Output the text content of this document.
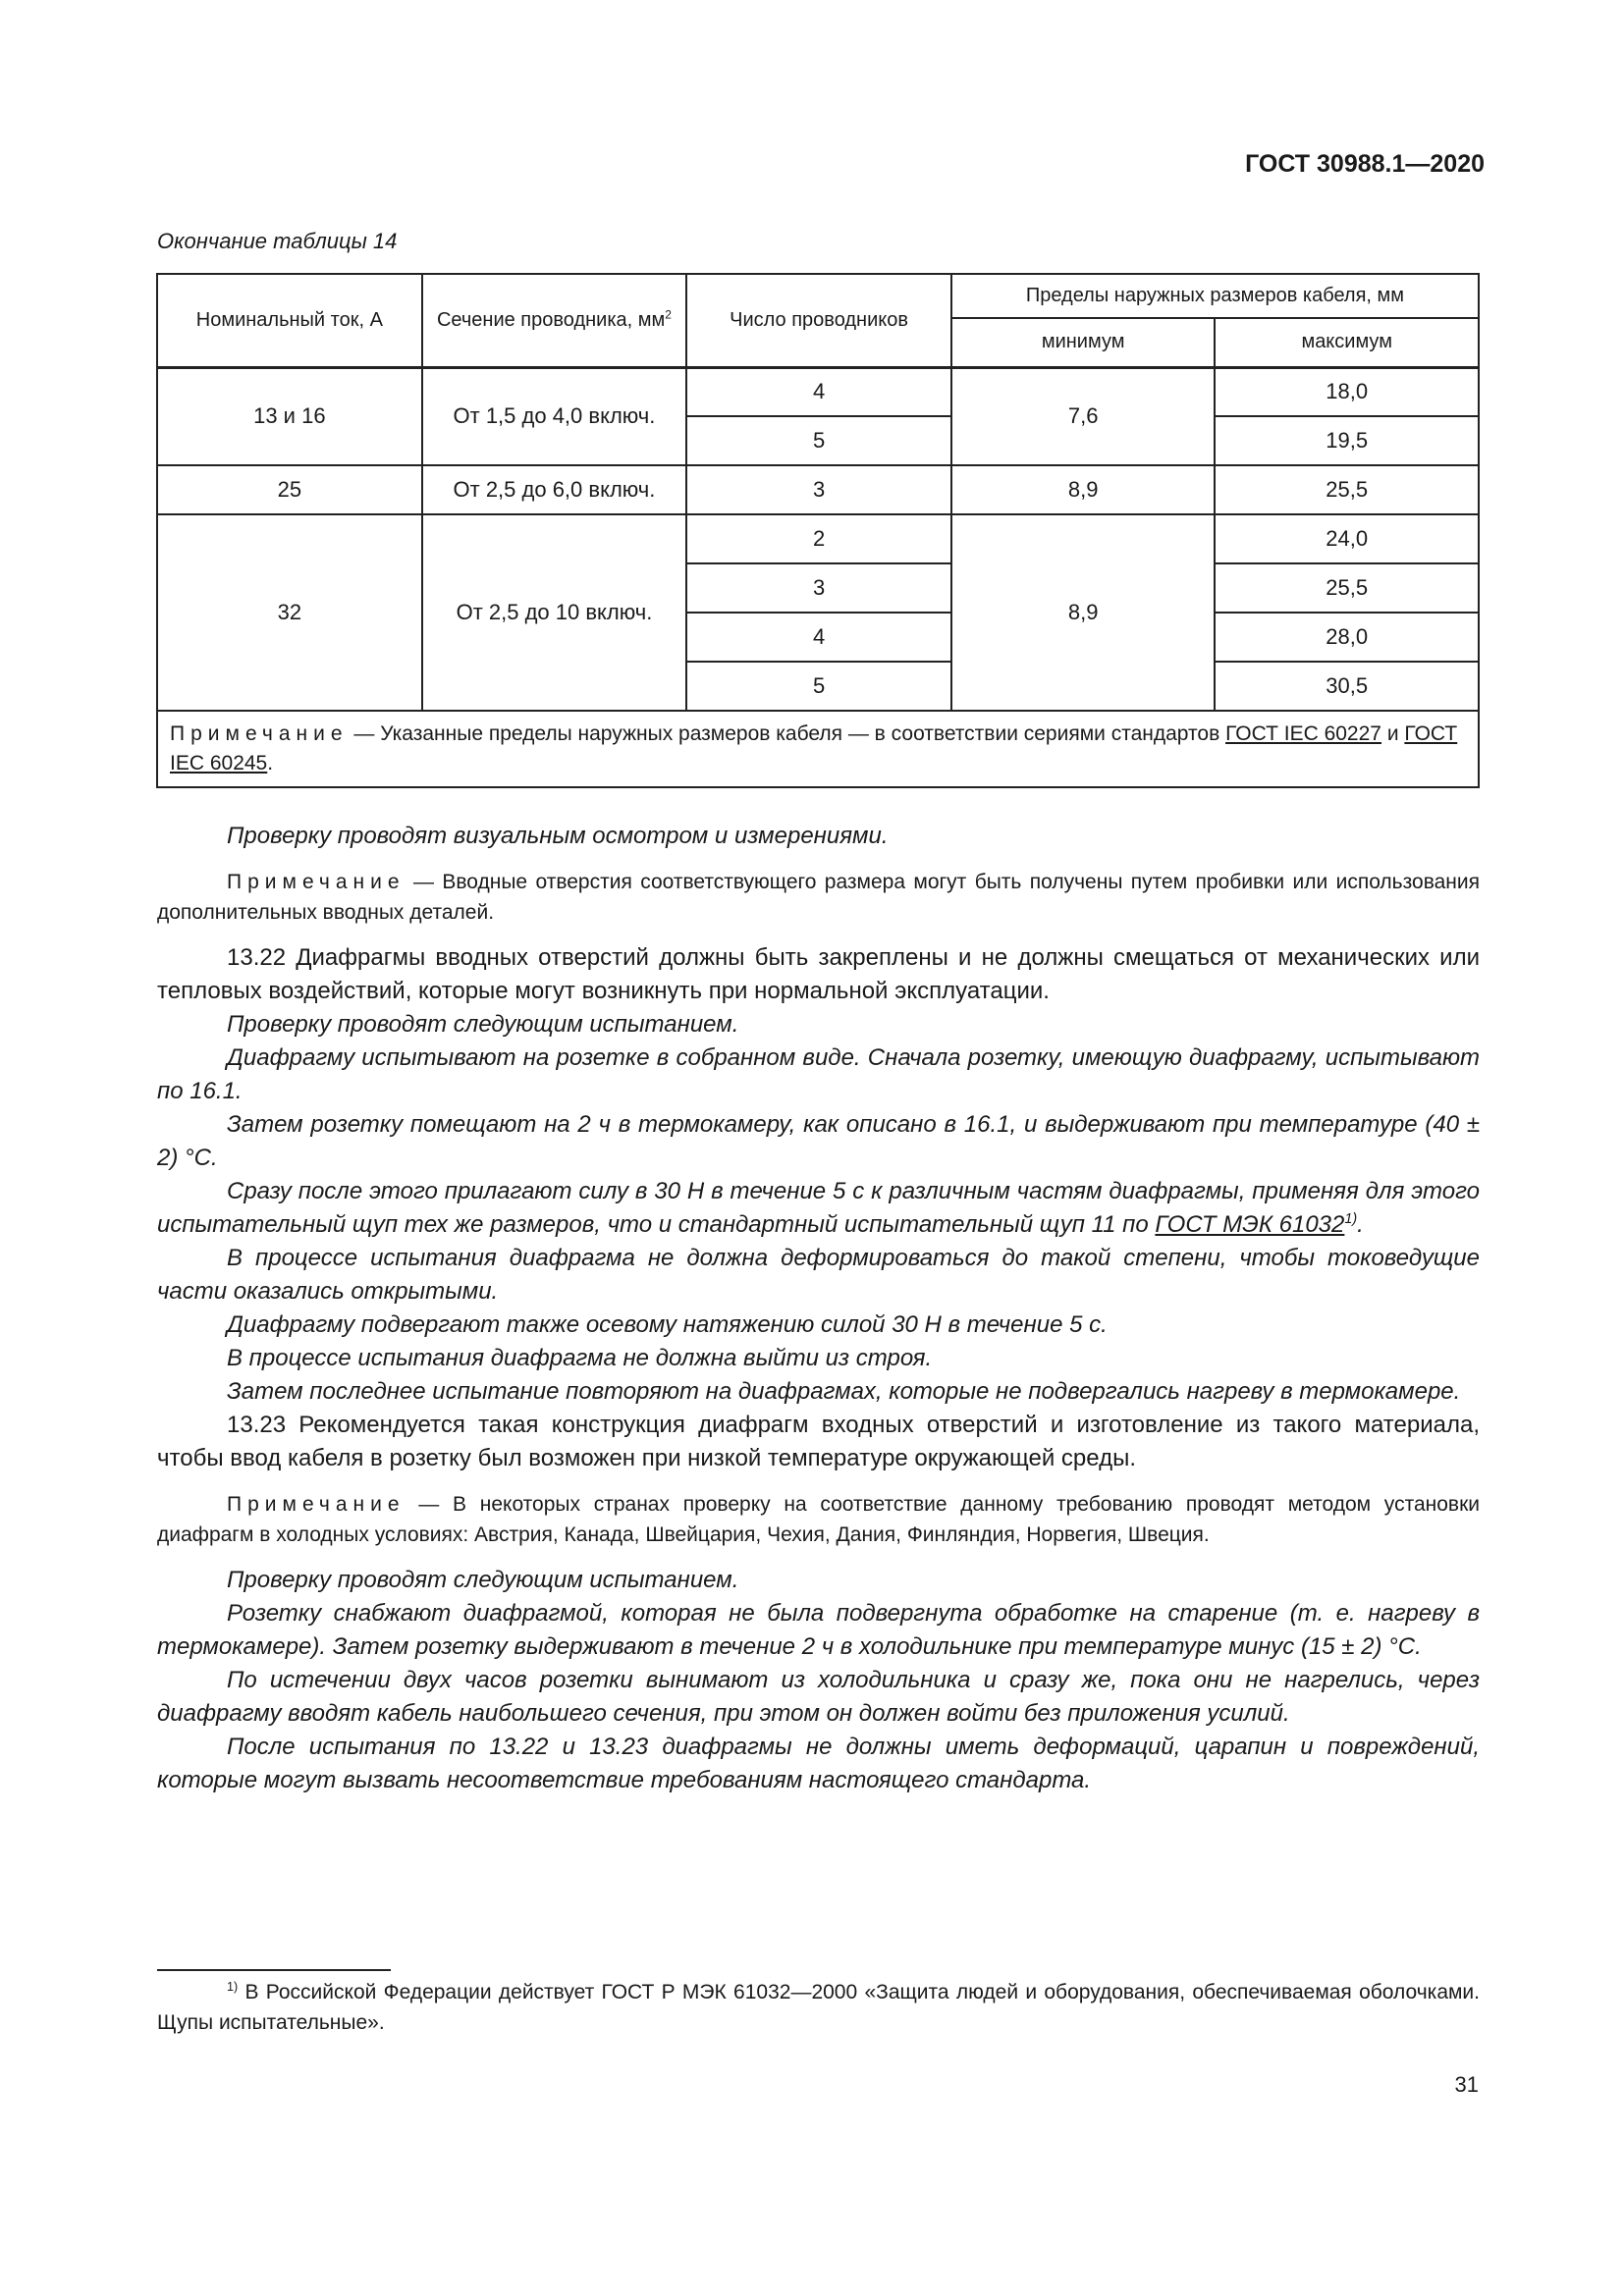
ГОСТ 30988.1—2020
Окончание таблицы 14
Номинальный ток, А	Сечение проводника, $мм^2$	Число проводников	Пределы наружных размеров кабеля, мм	
			минимум	максимум
13 и 16	От 1,5 до 4,0 включ.	4	7,6	18,0
		5		19,5
25	От 2,5 до 6,0 включ.	3	8,9	25,5
32	От 2,5 до 10 включ.	2	8,9	24,0
		3		25,5
		4		28,0
		5		30,5
Примечание — Указанные пределы наружных размеров кабеля — в соответствии сериями стандартов ГОСТ IEC 60227 и ГОСТ IEC 60245.				

Проверку проводят визуальным осмотром и измерениями.

Примечание — Вводные отверстия соответствующего размера могут быть получены путем пробивки или использования дополнительных вводных деталей.

13.22 Диафрагмы вводных отверстий должны быть закреплены и не должны смещаться от механических или тепловых воздействий, которые могут возникнуть при нормальной эксплуатации.

Проверку проводят следующим испытанием.

Диафрагму испытывают на розетке в собранном виде. Сначала розетку, имеющую диафрагму, испытывают по 16.1.

Затем розетку помещают на 2 ч в термокамеру, как описано в 16.1, и выдерживают при температуре (40 ± 2) °С.

Сразу после этого прилагают силу в 30 Н в течение 5 с к различным частям диафрагмы, применяя для этого испытательный щуп тех же размеров, что и стандартный испытательный щуп 11 по ГОСТ МЭК 61032$^{1)}$.

В процессе испытания диафрагма не должна деформироваться до такой степени, чтобы токоведущие части оказались открытыми.

Диафрагму подвергают также осевому натяжению силой 30 Н в течение 5 с.

В процессе испытания диафрагма не должна выйти из строя.

Затем последнее испытание повторяют на диафрагмах, которые не подвергались нагреву в термокамере.

13.23 Рекомендуется такая конструкция диафрагм входных отверстий и изготовление из такого материала, чтобы ввод кабеля в розетку был возможен при низкой температуре окружающей среды.

Примечание — В некоторых странах проверку на соответствие данному требованию проводят методом установки диафрагм в холодных условиях: Австрия, Канада, Швейцария, Чехия, Дания, Финляндия, Норвегия, Швеция.

Проверку проводят следующим испытанием.

Розетку снабжают диафрагмой, которая не была подвергнута обработке на старение (т. е. нагреву в термокамере). Затем розетку выдерживают в течение 2 ч в холодильнике при температуре минус (15 ± 2) °С.

По истечении двух часов розетки вынимают из холодильника и сразу же, пока они не нагрелись, через диафрагму вводят кабель наибольшего сечения, при этом он должен войти без приложения усилий.

После испытания по 13.22 и 13.23 диафрагмы не должны иметь деформаций, царапин и повреждений, которые могут вызвать несоответствие требованиям настоящего стандарта.

$^{1)}$ В Российской Федерации действует ГОСТ Р МЭК 61032—2000 «Защита людей и оборудования, обеспечиваемая оболочками. Щупы испытательные».

31
